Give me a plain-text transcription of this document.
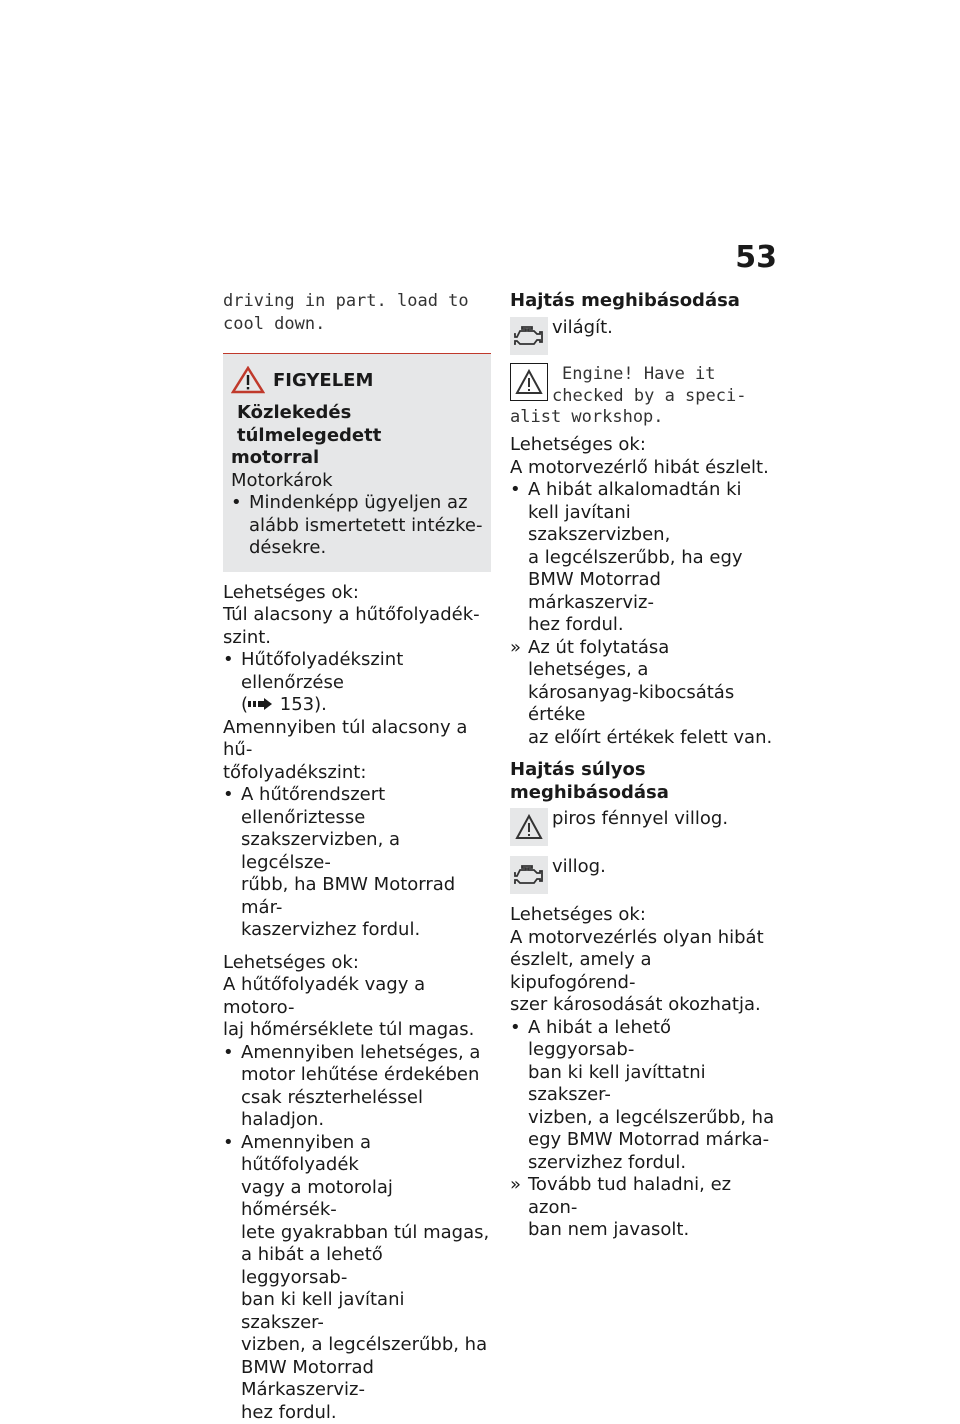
53
driving in part. load to
cool down.
FIGYELEM
Közlekedés túlmelegedett
motorral
Motorkárok
• Mindenképp ügyeljen az
alább ismertetett intézke-
désekre.
Lehetséges ok:
Túl alacsony a hűtőfolyadék-
szint.
• Hűtőfolyadékszint ellenőrzése
( 153).
Amennyiben túl alacsony a hű-
tőfolyadékszint:
• A hűtőrendszert ellenőriztesse
szakszervizben, a legcélsze-
rűbb, ha BMW Motorrad már-
kaszervizhez fordul.
Lehetséges ok:
A hűtőfolyadék vagy a motoro-
laj hőmérséklete túl magas.
• Amennyiben lehetséges, a
motor lehűtése érdekében
csak részterheléssel haladjon.
• Amennyiben a hűtőfolyadék
vagy a motorolaj hőmérsék-
lete gyakrabban túl magas,
a hibát a lehető leggyorsab-
ban ki kell javítani szakszer-
vizben, a legcélszerűbb, ha
BMW Motorrad Márkaszerviz-
hez fordul.
Hajtás meghibásodása
világít.
Engine! Have it
checked by a speci-
alist workshop.
Lehetséges ok:
A motorvezérlő hibát észlelt.
• A hibát alkalomadtán ki
kell javítani szakszervizben,
a legcélszerűbb, ha egy
BMW Motorrad márkaszerviz-
hez fordul.
» Az út folytatása lehetséges, a
károsanyag-kibocsátás értéke
az előírt értékek felett van.
Hajtás súlyos meghibásodása
piros fénnyel villog.
villog.
Lehetséges ok:
A motorvezérlés olyan hibát
észlelt, amely a kipufogórend-
szer károsodását okozhatja.
• A hibát a lehető leggyorsab-
ban ki kell javíttatni szakszer-
vizben, a legcélszerűbb, ha
egy BMW Motorrad márka-
szervizhez fordul.
» Tovább tud haladni, ez azon-
ban nem javasolt.
